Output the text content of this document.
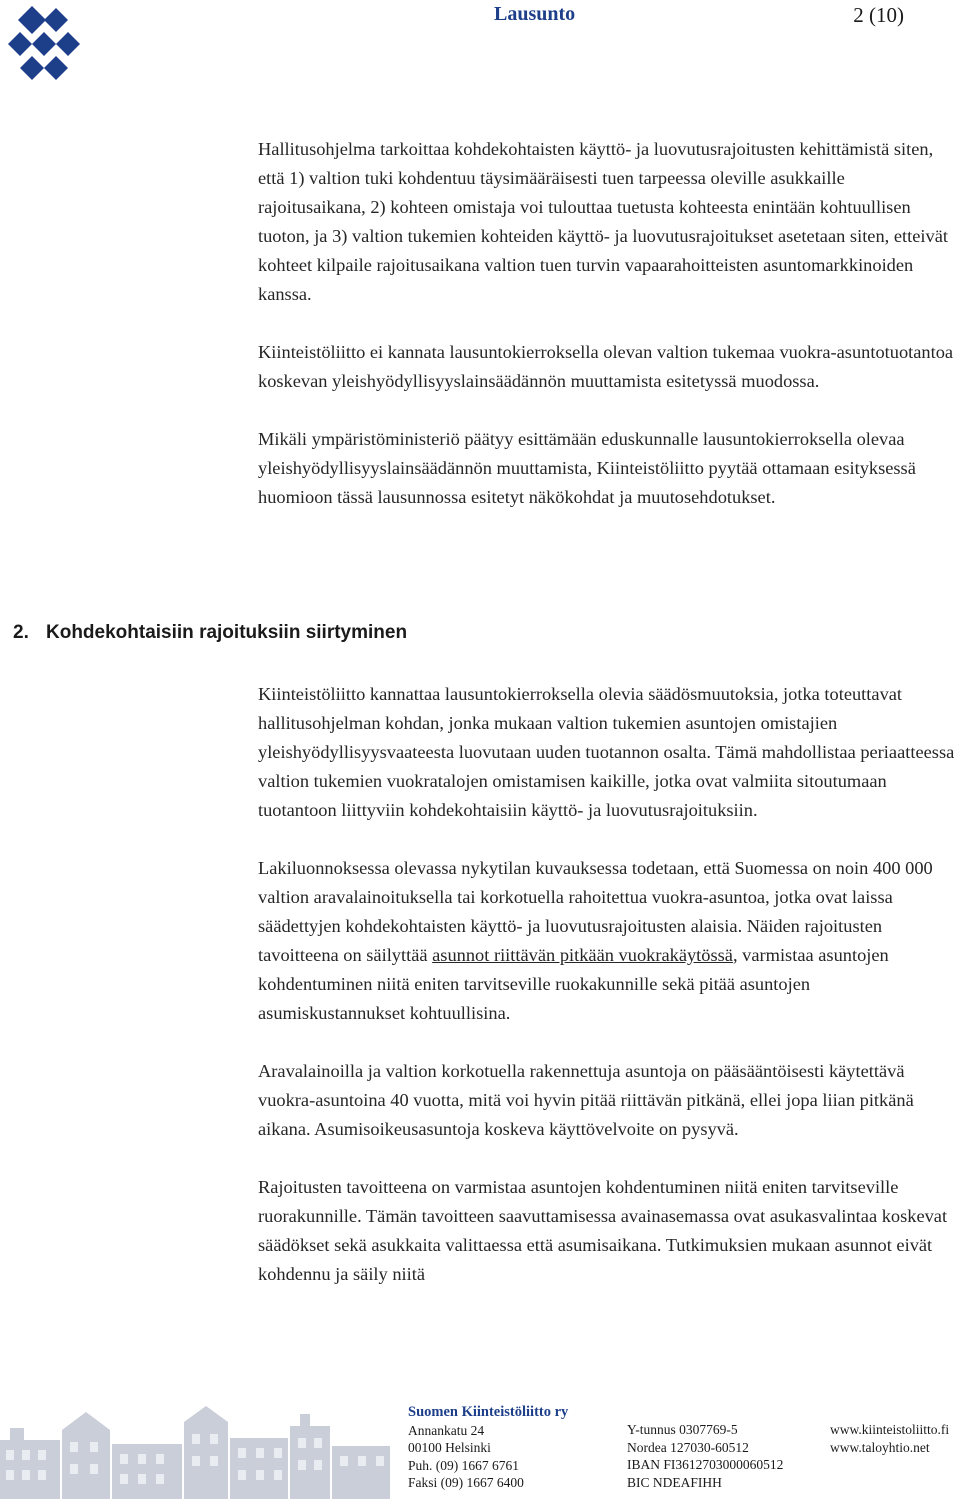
Lausunto	2 (10)

Hallitusohjelma tarkoittaa kohdekohtaisten käyttö- ja luovutusrajoitusten kehittämistä siten, että 1) valtion tuki kohdentuu täysimääräisesti tuen tarpeessa oleville asukkaille rajoitusaikana, 2) kohteen omistaja voi tulouttaa tuetusta kohteesta enintään kohtuullisen tuoton, ja 3) valtion tukemien kohteiden käyttö- ja luovutusrajoitukset asetetaan siten, etteivät kohteet kilpaile rajoitusaikana valtion tuen turvin vapaarahoitteisten asuntomarkkinoiden kanssa.

Kiinteistöliitto ei kannata lausuntokierroksella olevan valtion tukemaa vuokra-asuntotuotantoa koskevan yleishyödyllisyyslainsäädännön muuttamista esitetyssä muodossa.

Mikäli ympäristöministeriö päätyy esittämään eduskunnalle lausuntokierroksella olevaa yleishyödyllisyyslainsäädännön muuttamista, Kiinteistöliitto pyytää ottamaan esityksessä huomioon tässä lausunnossa esitetyt näkökohdat ja muutosehdotukset.

2. Kohdekohtaisiin rajoituksiin siirtyminen

Kiinteistöliitto kannattaa lausuntokierroksella olevia säädösmuutoksia, jotka toteuttavat hallitusohjelman kohdan, jonka mukaan valtion tukemien asuntojen omistajien yleishyödyllisyysvaateesta luovutaan uuden tuotannon osalta. Tämä mahdollistaa periaatteessa valtion tukemien vuokratalojen omistamisen kaikille, jotka ovat valmiita sitoutumaan tuotantoon liittyviin kohdekohtaisiin käyttö- ja luovutusrajoituksiin.

Lakiluonnoksessa olevassa nykytilan kuvauksessa todetaan, että Suomessa on noin 400 000 valtion aravalainoituksella tai korkotuella rahoitettua vuokra-asuntoa, jotka ovat laissa säädettyjen kohdekohtaisten käyttö- ja luovutusrajoitusten alaisia. Näiden rajoitusten tavoitteena on säilyttää asunnot riittävän pitkään vuokrakäytössä, varmistaa asuntojen kohdentuminen niitä eniten tarvitseville ruokakunnille sekä pitää asuntojen asumiskustannukset kohtuullisina.

Aravalainoilla ja valtion korkotuella rakennettuja asuntoja on pääsääntöisesti käytettävä vuokra-asuntoina 40 vuotta, mitä voi hyvin pitää riittävän pitkänä, ellei jopa liian pitkänä aikana. Asumisoikeusasuntoja koskeva käyttövelvoite on pysyvä.

Rajoitusten tavoitteena on varmistaa asuntojen kohdentuminen niitä eniten tarvitseville ruorakunnille. Tämän tavoitteen saavuttamisessa avainasemassa ovat asukasvalintaa koskevat säädökset sekä asukkaita valittaessa että asumisaikana. Tutkimuksien mukaan asunnot eivät kohdennu ja säily niitä

Suomen Kiinteistöliitto ry
Annankatu 24
00100 Helsinki
Puh. (09) 1667 6761
Faksi (09) 1667 6400
Y-tunnus 0307769-5
Nordea 127030-60512
IBAN FI3612703000060512
BIC NDEAFIHH
www.kiinteistoliitto.fi
www.taloyhtio.net
